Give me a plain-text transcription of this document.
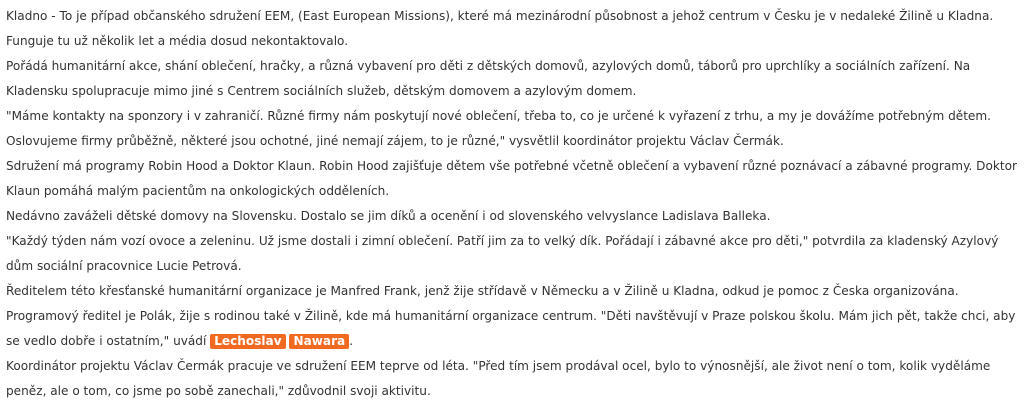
Kladno - To je případ občanského sdružení EEM, (East European Missions), které má mezinárodní působnost a jehož centrum v Česku je v nedaleké Žilině u Kladna. Funguje tu už několik let a média dosud nekontaktovalo.

Pořádá humanitární akce, shání oblečení, hračky, a různá vybavení pro děti z dětských domovů, azylových domů, táborů pro uprchlíky a sociálních zařízení. Na Kladensku spolupracuje mimo jiné s Centrem sociálních služeb, dětským domovem a azylovým domem.

"Máme kontakty na sponzory i v zahraničí. Různé firmy nám poskytují nové oblečení, třeba to, co je určené k vyřazení z trhu, a my je dovážíme potřebným dětem. Oslovujeme firmy průběžně, některé jsou ochotné, jiné nemají zájem, to je různé," vysvětlil koordinátor projektu Václav Čermák.

Sdružení má programy Robin Hood a Doktor Klaun. Robin Hood zajišťuje dětem vše potřebné včetně oblečení a vybavení různé poznávací a zábavné programy. Doktor Klaun pomáhá malým pacientům na onkologických odděleních.

Nedávno zaváželi dětské domovy na Slovensku. Dostalo se jim díků a ocenění i od slovenského velvyslance Ladislava Balleka.

"Každý týden nám vozí ovoce a zeleninu. Už jsme dostali i zimní oblečení. Patří jim za to velký dík. Pořádají i zábavné akce pro děti," potvrdila za kladenský Azylový dům sociální pracovnice Lucie Petrová.

Ředitelem této křesťanské humanitární organizace je Manfred Frank, jenž žije střídavě v Německu a v Žilině u Kladna, odkud je pomoc z Česka organizována.

Programový ředitel je Polák, žije s rodinou také v Žilině, kde má humanitární organizace centrum. "Děti navštěvují v Praze polskou školu. Mám jich pět, takže chci, aby se vedlo dobře i ostatním," uvádí Lechoslav Nawara .

Koordinátor projektu Václav Čermák pracuje ve sdružení EEM teprve od léta. "Před tím jsem prodával ocel, bylo to výnosnější, ale život není o tom, kolik vyděláme peněz, ale o tom, co jsme po sobě zanechali," zdůvodnil svoji aktivitu.
